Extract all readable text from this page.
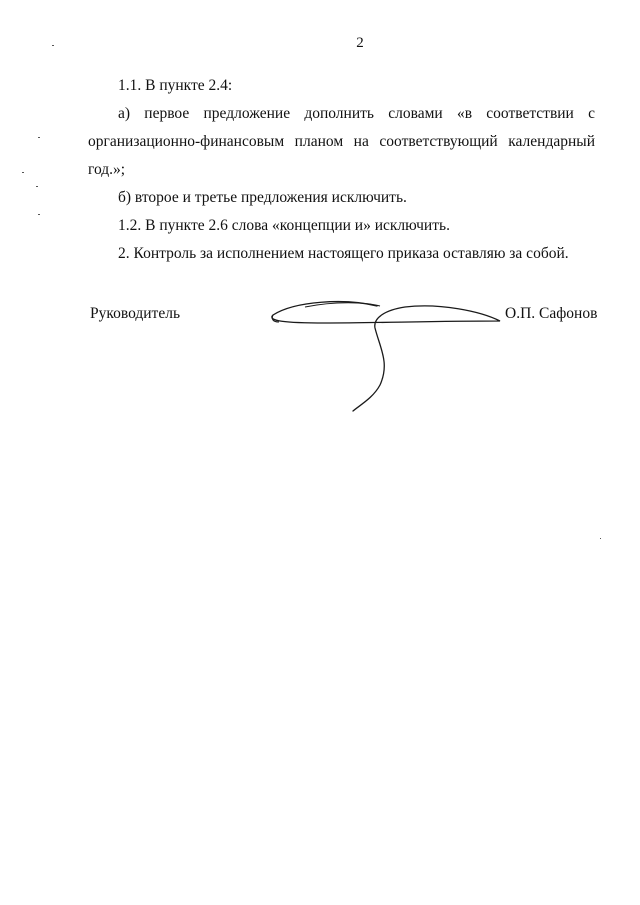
2

1.1. В пункте 2.4:

а) первое предложение дополнить словами «в соответствии с организационно-финансовым планом на соответствующий календарный год.»;

б) второе и третье предложения исключить.

1.2. В пункте 2.6 слова «концепции и» исключить.

2. Контроль за исполнением настоящего приказа оставляю за собой.

Руководитель	О.П. Сафонов
